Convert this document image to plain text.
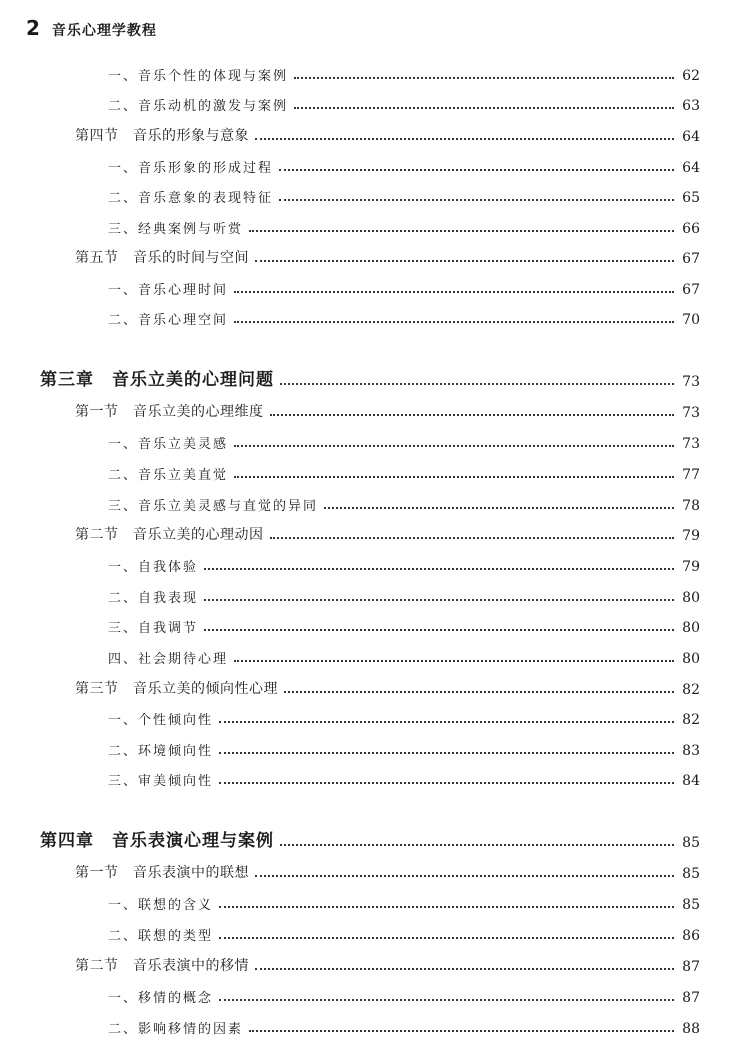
2 音乐心理学教程
一、音乐个性的体现与案例	62
二、音乐动机的激发与案例	63
第四节　音乐的形象与意象	64
一、音乐形象的形成过程	64
二、音乐意象的表现特征	65
三、经典案例与听赏	66
第五节　音乐的时间与空间	67
一、音乐心理时间	67
二、音乐心理空间	70
第三章　音乐立美的心理问题	73
第一节　音乐立美的心理维度	73
一、音乐立美灵感	73
二、音乐立美直觉	77
三、音乐立美灵感与直觉的异同	78
第二节　音乐立美的心理动因	79
一、自我体验	79
二、自我表现	80
三、自我调节	80
四、社会期待心理	80
第三节　音乐立美的倾向性心理	82
一、个性倾向性	82
二、环境倾向性	83
三、审美倾向性	84
第四章　音乐表演心理与案例	85
第一节　音乐表演中的联想	85
一、联想的含义	85
二、联想的类型	86
第二节　音乐表演中的移情	87
一、移情的概念	87
二、影响移情的因素	88
